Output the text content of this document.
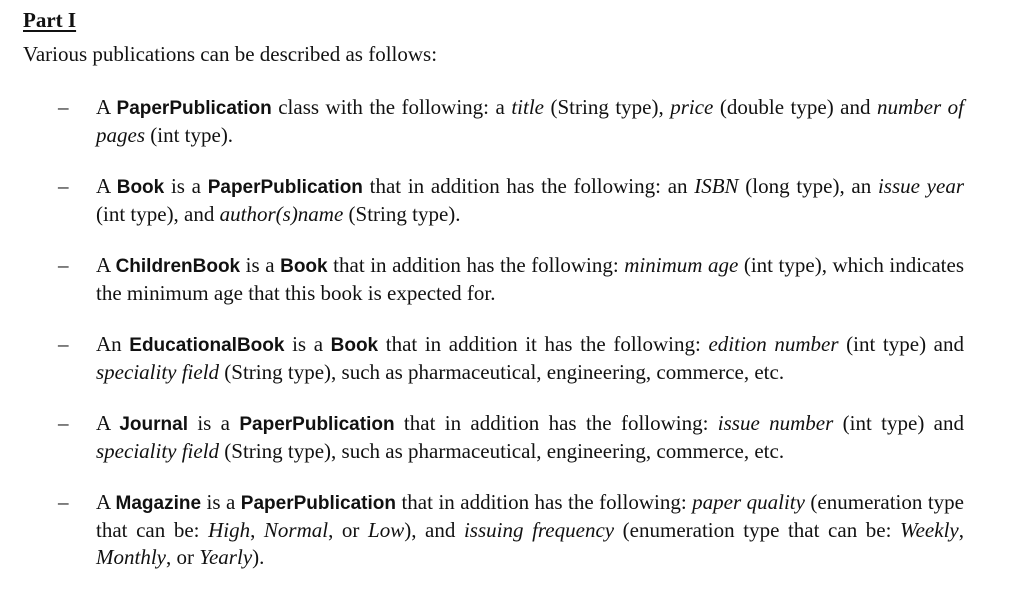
Part I
Various publications can be described as follows:
– A PaperPublication class with the following: a title (String type), price (double type) and number of pages (int type).
– A Book is a PaperPublication that in addition has the following: an ISBN (long type), an issue year (int type), and author(s)name (String type).
– A ChildrenBook is a Book that in addition has the following: minimum age (int type), which indicates the minimum age that this book is expected for.
– An EducationalBook is a Book that in addition it has the following: edition number (int type) and speciality field (String type), such as pharmaceutical, engineering, commerce, etc.
– A Journal is a PaperPublication that in addition has the following: issue number (int type) and speciality field (String type), such as pharmaceutical, engineering, commerce, etc.
– A Magazine is a PaperPublication that in addition has the following: paper quality (enumeration type that can be: High, Normal, or Low), and issuing frequency (enumeration type that can be: Weekly, Monthly, or Yearly).
